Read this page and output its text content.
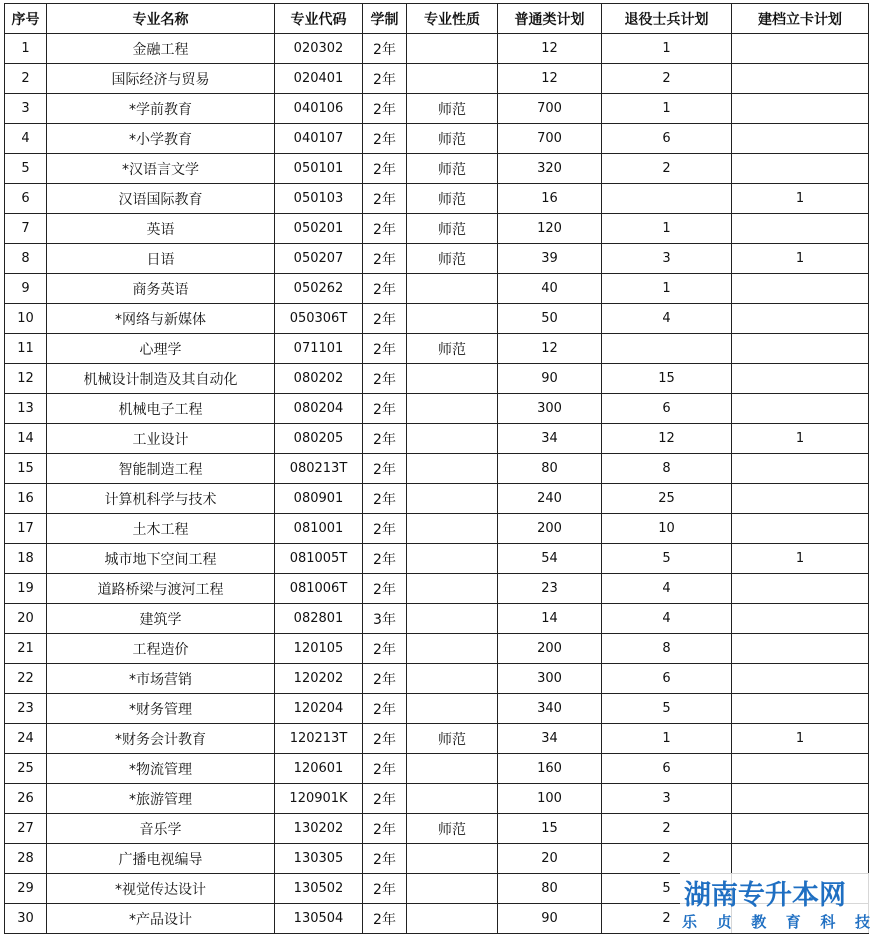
序号	专业名称	专业代码	学制	专业性质	普通类计划	退役士兵计划	建档立卡计划
1	金融工程	020302	2年		12	1	
2	国际经济与贸易	020401	2年		12	2	
3	*学前教育	040106	2年	师范	700	1	
4	*小学教育	040107	2年	师范	700	6	
5	*汉语言文学	050101	2年	师范	320	2	
6	汉语国际教育	050103	2年	师范	16		1
7	英语	050201	2年	师范	120	1	
8	日语	050207	2年	师范	39	3	1
9	商务英语	050262	2年		40	1	
10	*网络与新媒体	050306T	2年		50	4	
11	心理学	071101	2年	师范	12		
12	机械设计制造及其自动化	080202	2年		90	15	
13	机械电子工程	080204	2年		300	6	
14	工业设计	080205	2年		34	12	1
15	智能制造工程	080213T	2年		80	8	
16	计算机科学与技术	080901	2年		240	25	
17	土木工程	081001	2年		200	10	
18	城市地下空间工程	081005T	2年		54	5	1
19	道路桥梁与渡河工程	081006T	2年		23	4	
20	建筑学	082801	3年		14	4	
21	工程造价	120105	2年		200	8	
22	*市场营销	120202	2年		300	6	
23	*财务管理	120204	2年		340	5	
24	*财务会计教育	120213T	2年	师范	34	1	1
25	*物流管理	120601	2年		160	6	
26	*旅游管理	120901K	2年		100	3	
27	音乐学	130202	2年	师范	15	2	
28	广播电视编导	130305	2年		20	2	
29	*视觉传达设计	130502	2年		80	5	
30	*产品设计	130504	2年		90	2	
湖南专升本网
乐 贞 教 育 科 技
